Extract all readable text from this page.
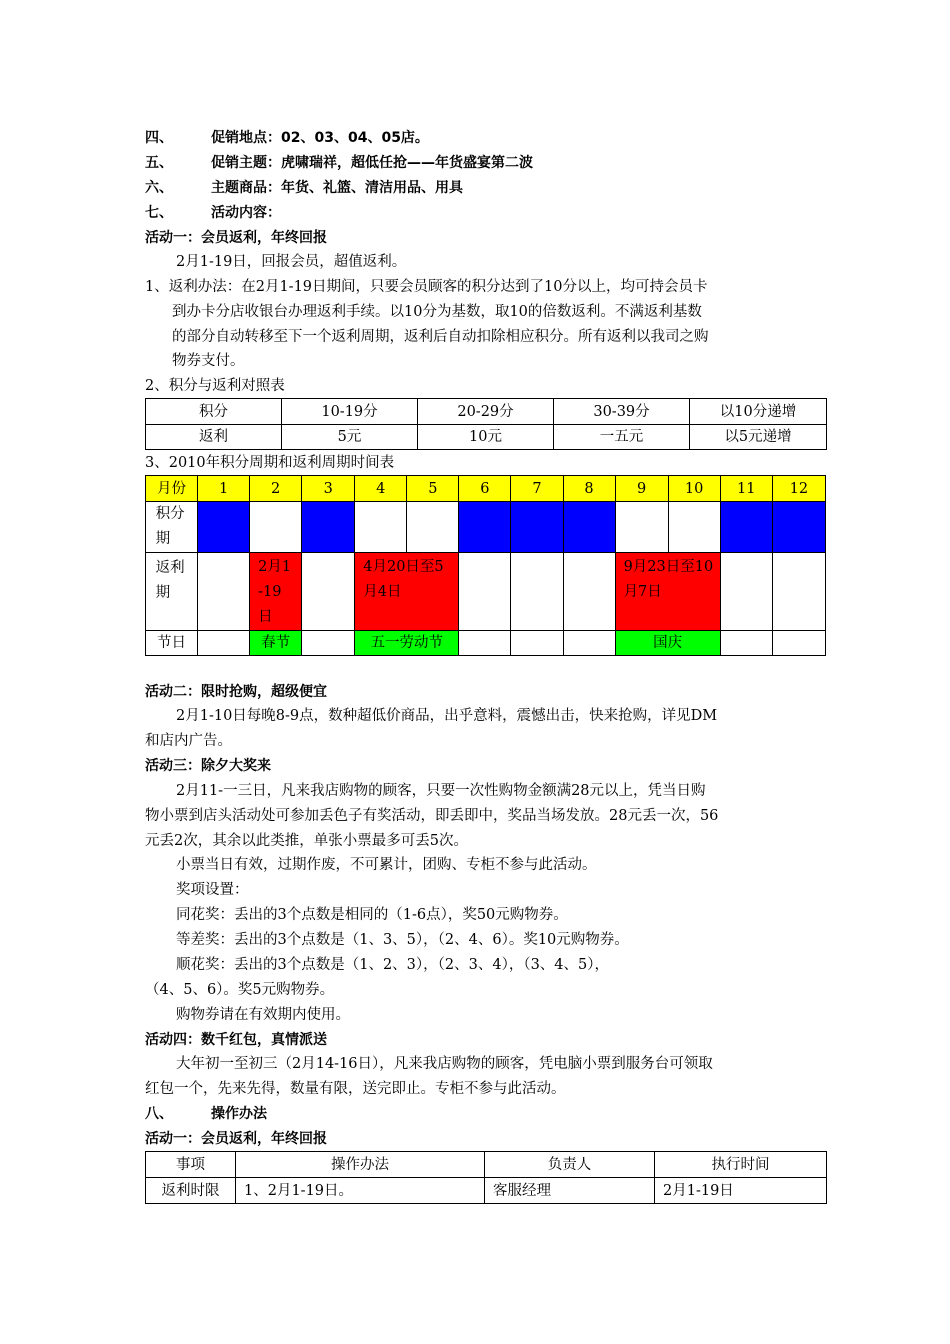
四、	促销地点：02、03、04、05店。
五、	促销主题：虎啸瑞祥，超低任抢——年货盛宴第二波
六、	主题商品：年货、礼篮、清洁用品、用具
七、	活动内容：
活动一：会员返利，年终回报
2月1-19日，回报会员，超值返利。
1、返利办法：在2月1-19日期间，只要会员顾客的积分达到了10分以上，均可持会员卡
到办卡分店收银台办理返利手续。以10分为基数，取10的倍数返利。不满返利基数
的部分自动转移至下一个返利周期，返利后自动扣除相应积分。所有返利以我司之购
物券支付。
2、积分与返利对照表
积分	10-19分	20-29分	30-39分	以10分递增
返利	5元	10元	一五元	以5元递增
3、2010年积分周期和返利周期时间表
月份	1	2	3	4	5	6	7	8	9	10	11	12

积分期												

返利期		2月1-19日		4月20日至5月4日					9月23日至10月7日			

节日		春节		五一劳动节					国庆			
活动二：限时抢购，超级便宜
2月1-10日每晚8-9点，数种超低价商品，出乎意料，震憾出击，快来抢购，详见DM
和店内广告。
活动三：除夕大奖来
2月11-一三日，凡来我店购物的顾客，只要一次性购物金额满28元以上，凭当日购
物小票到店头活动处可参加丢色子有奖活动，即丢即中，奖品当场发放。28元丢一次，56
元丢2次，其余以此类推，单张小票最多可丢5次。
小票当日有效，过期作废，不可累计，团购、专柜不参与此活动。
奖项设置：
同花奖：丢出的3个点数是相同的（1-6点），奖50元购物券。
等差奖：丢出的3个点数是（1、3、5），（2、4、6）。奖10元购物券。
顺花奖：丢出的3个点数是（1、2、3），（2、3、4），（3、4、5），
（4、5、6）。奖5元购物券。
购物券请在有效期内使用。
活动四：数千红包，真情派送
大年初一至初三（2月14-16日），凡来我店购物的顾客，凭电脑小票到服务台可领取
红包一个，先来先得，数量有限，送完即止。专柜不参与此活动。
八、	操作办法
活动一：会员返利，年终回报
事项	操作办法	负责人	执行时间
返利时限	1、2月1-19日。	客服经理	2月1-19日
